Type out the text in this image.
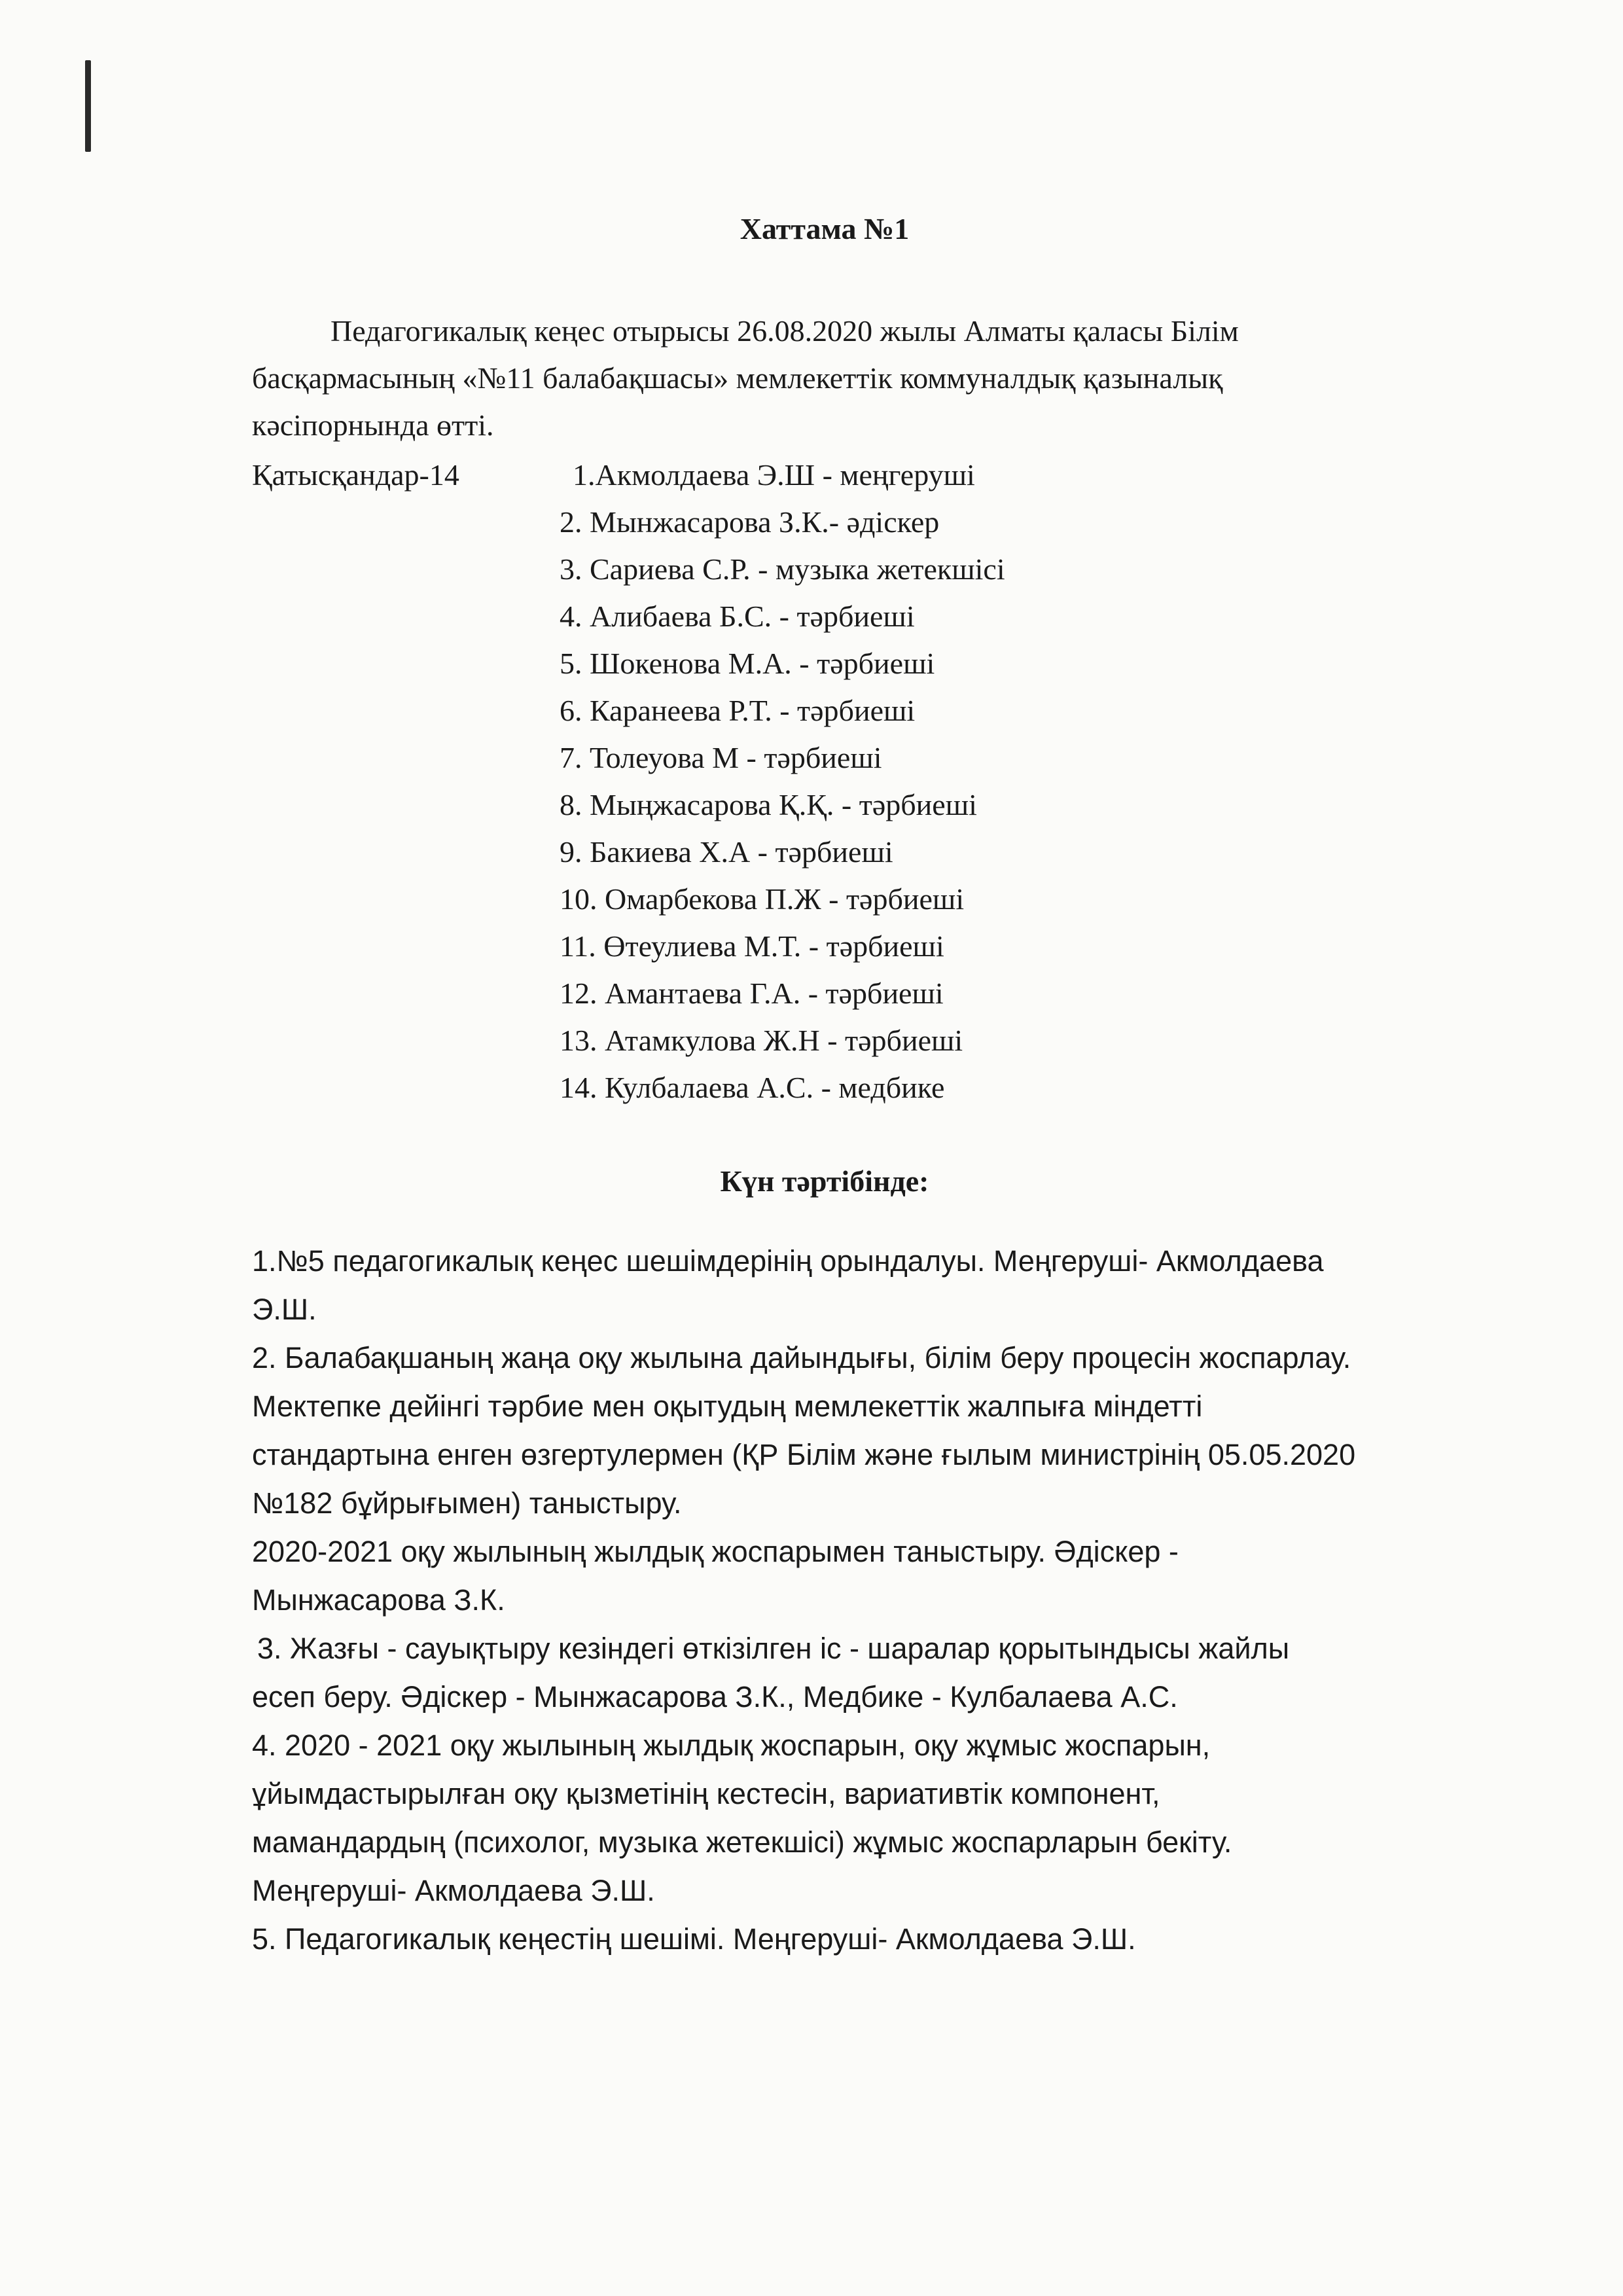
Хаттама №1
Педагогикалық кеңес отырысы 26.08.2020 жылы Алматы қаласы Білім
басқармасының «№11 балабақшасы» мемлекеттік коммуналдық қазыналық
кәсіпорнында өтті.
Қатысқандар-14	1.Акмолдаева Э.Ш - меңгеруші
2. Мынжасарова З.К.- әдіскер
3. Сариева С.Р. - музыка жетекшісі
4. Алибаева Б.С. - тәрбиеші
5. Шокенова М.А. - тәрбиеші
6. Каранеева Р.Т. - тәрбиеші
7. Толеуова М - тәрбиеші
8. Мыңжасарова Қ.Қ. - тәрбиеші
9. Бакиева Х.А - тәрбиеші
10. Омарбекова П.Ж - тәрбиеші
11. Өтеулиева М.Т. - тәрбиеші
12. Амантаева Г.А. - тәрбиеші
13. Атамкулова Ж.Н - тәрбиеші
14. Кулбалаева А.С. - медбике
Күн тәртібінде:
1.№5 педагогикалық кеңес шешімдерінің орындалуы. Меңгеруші- Акмолдаева
Э.Ш.
2. Балабақшаның жаңа оқу жылына дайындығы, білім беру процесін жоспарлау.
Мектепке дейінгі тәрбие мен оқытудың мемлекеттік жалпыға міндетті
стандартына енген өзгертулермен (ҚР Білім және ғылым министрінің 05.05.2020
№182 бұйрығымен) таныстыру.
2020-2021 оқу жылының жылдық жоспарымен таныстыру. Әдіскер -
Мынжасарова З.К.
3. Жазғы - сауықтыру кезіндегі өткізілген іс - шаралар қорытындысы жайлы
есеп беру. Әдіскер - Мынжасарова З.К., Медбике - Кулбалаева А.С.
4. 2020 - 2021 оқу жылының жылдық жоспарын, оқу жұмыс жоспарын,
ұйымдастырылған оқу қызметінің кестесін, вариативтік компонент,
мамандардың (психолог, музыка жетекшісі) жұмыс жоспарларын бекіту.
Меңгеруші- Акмолдаева Э.Ш.
5. Педагогикалық кеңестің шешімі. Меңгеруші- Акмолдаева Э.Ш.
